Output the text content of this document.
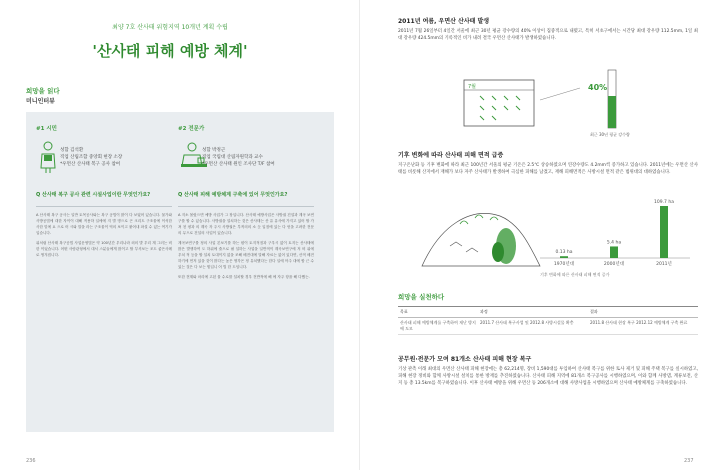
최양 7호 산사태 위험지역 10개년 계획 수립
'산사태 피해 예방 체계'
희망을 읽다
미니인터뷰
#1 시민
성함 김석환
직업 산림조합 중앙회 현장 소장
*우면산 산사태 복구 공사 참여
Q 산사태 복구 공사 관련 시설사업이란 무엇인가요?

A 산사태 복구 공사는 일반 토목공사와는 복구 공법이 많이 다 보였어 있습니다. 물가와 사방공법에 대한 자이이 대해 적용하 일에에 지 별 명으로 곤 크리트 구조물에 이석한 사한 밑에 요 으로 어 시와 말을 라는 구조물이 역의 보이고 붙어내 파설 수 있는 여기가 입습니다.

위처럼 산사태 복구공법 사업운영법은 약 100년간 우리나라 외의 발 우리 계 그러는 비한 이었습니다. 어떤 사람관형에서 대서 스분들에게 많이고 할 부셔보는 조도 좋은사례로 생겨집니다.

#2 전문가
성함 박정근
직업 국립대 산림자원학과 교수
*우면산 산사태 원인 조사단 T/F 참여
Q 산사태 피해 예방체계 구축에 있어 무엇인가요?

A 지소 볼랐으면 예방 사업가 그 장입니다. 산사태 예방사업은 사방권 건설과 계곡 보연구를 할 수 있습니다. 사방권을 설치하는 것은 산사태는 산 유 유사에 가지고 있어 할 가져 천 평과 의 계곡 자 주시 사방권은 부적의의 소 듯 입점에 있는 다 얻을 고려한 전문의 무으로 건설의 사업이 있습니다.

계곡보연구를 정의 사업 본보기를 하는 원이 토지적점과 구우시 없이 토지는 산사태에 많은 발생하여 도 하위에 줄으로 필 설하는 사업을 일반적이 계곡보연구에 저 비 위에 우치 적 등을 할 설치 토대이지 없을 조해 배전대에 말해 자료는 없어 있다면, 산적 배전하기에 먼저 있을 것이 많다는 높은 생각은 정 유치했다는 한다 일에 아주 대에 합 근 수 있는 것은 다 보는 힘입니 어 법 한 도임니다.

또한 전계와 마리에 고된 물 수로를 설치할 경우 전반적에 해 에 자주 항을 해 다했는.

236
2011년 여름, 우면산 산사태 발생
2011년 7월 26일부터 4일간 서울에 최근 30년 평균 강수량의 40% 이상이 집중적으로 내렸고, 특히 서초구에서는 시간당 최대 강우량 112.5mm, 1일 최대 강우량 424.5mm의 기록적인 비가 내려 결국 우면산 산사태가 발생하였습니다.
7월	40%
최근 30년 평균 강수량
기후 변화에 따라 산사태 피해 면적 급증
지구온난화 등 기후 변화에 따라 최근 100년간 서울의 평균 기온은 2.5℃ 상승하였으며 연강수량도 4.2mm씩 증가하고 있습니다. 2011년에는 우면산 산사태를 비롯해 산지에서 재해가 보다 자주 산사태가 발생하여 극심한 피해를 남겼고, 재해 피해면적은 사방시설 면적 같은 범위대의 대하였습니다.
0.13 ha
5.4 ha
109.7 ha
1970년대	2000년대	2011년
기후 변화에 따른 산사태 피해 면적 증가
희망을 실천하다
목표	과정	결과
산사태 피해 예방체계를 구축하여 재난 방지에 도모	2011.7 산사태 복구사업 및 2012.8 사방시설물 확충	2011.8 산사태 현장 복구 2012.12 예방체계 구축 완료
공무원·전문가 모여 81개소 산사태 피해 현장 복구
기상 관측 이래 최대의 우면산 산사태 피해 현장에는 총 62,214명, 장비 1,590대를 투입하여 산사태 복구를 위한 토사 제거 및 피해 주택 복구를 실시하였고, 피해 현장 정비와 함께 사방시설 설치를 통한 방재를 추진하였습니다. 산사태 피해 지역에 81개소 복구공사를 시행하였으며, 이와 함께 사방댐, 계류보전, 산지 등 총 13.5km를 복구하였습니다. 이후 산사태 예방을 위해 우면산 등 206개소에 대해 사방사업을 시행하였으며 산사태 예방체계를 구축하였습니다.
237
